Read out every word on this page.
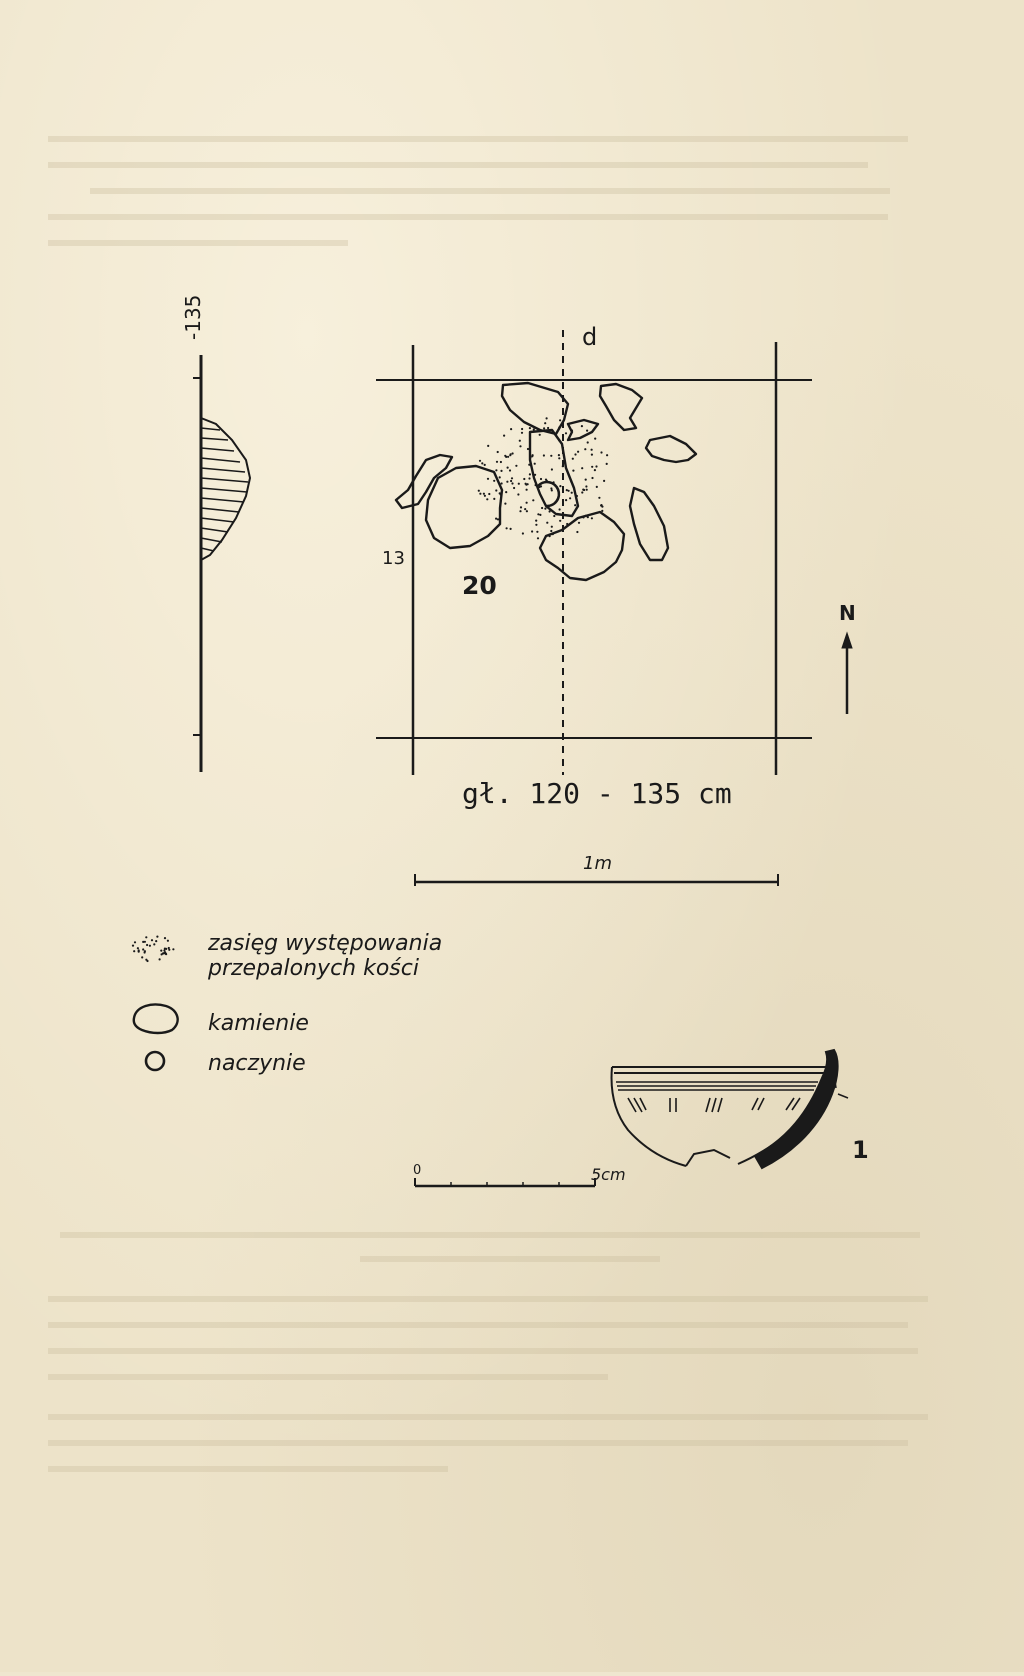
-135	d
13
20
N
gł. 120 - 135 cm
1m
zasięg występowania
przepalonych kości
kamienie
naczynie
1
0	5cm
